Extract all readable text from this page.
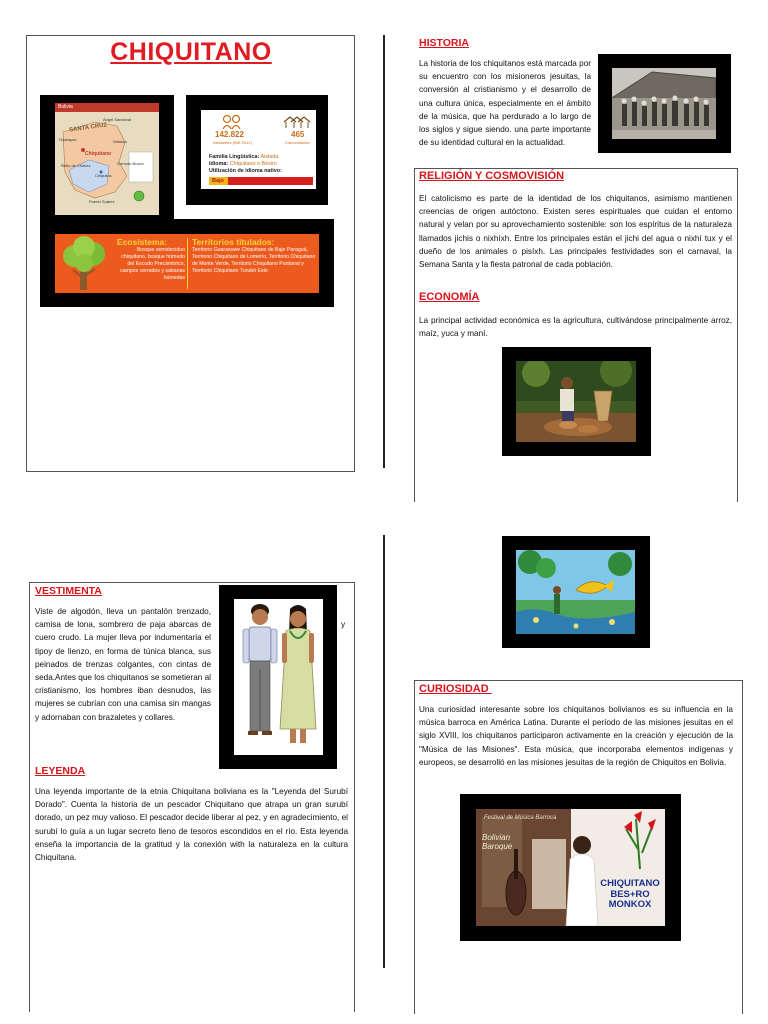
CHIQUITANO
Bolivia
SANTA CRUZ
Chiquitano
Ángel Sandoval
Chiquitos
Germán Busch
Guarayos	Velasco
Ñuflo de Chávez
Puerto Suárez
142.822
habitantes (INE 2012)
465
Comunidades
Familia Lingüística: Aislada
Idioma: Chiquitano o Bésiro
Utilización de idioma nativo:
Bajo
Ecosistema:
Bosque semideciduo chiquitano, bosque húmedo del Escudo Precámbrico, campos cerrados y sabanas húmedas
Territorios titulados:
Territorio Guarasuwe Chiquitano de Bajo Paraguá, Territorio Chiquitano de Lomerío, Territorio Chiquitano de Monte Verde, Territorio Chiquitano Pantanal y Territorio Chiquitano Turubó Este
HISTORIA

La historia de los chiquitanos está marcada por su encuentro con los misioneros jesuitas, la conversión al cristianismo y el desarrollo de una cultura única, especialmente en el ámbito de la música, que ha perdurado a lo largo de los siglos y sigue siendo. una parte importante de su identidad cultural en la actualidad.

RELIGIÓN Y COSMOVISIÓN

El catolicismo es parte de la identidad de los chiquitanos, asimismo mantienen creencias de origen autóctono. Existen seres espirituales que cuidan el entorno natural y velan por su aprovechamiento sostenible: son los espíritus de la naturaleza llamados jichis o nixhíxh. Entre los principales están el jichi del agua o nixhí tux y el dueño de los animales o pisíxh. Las principales festividades son el carnaval, la Semana Santa y la fiesta patronal de cada población.

ECONOMÍA

La principal actividad económica es la agricultura, cultivándose principalmente arroz, maíz, yuca y maní.

VESTIMENTA

Viste de algodón, lleva un pantalón trenzado, camisa de lona, sombrero de paja abarcas de cuero crudo. La mujer lleva por indumentaria el tipoy de lienzo, en forma de túnica blanca, sus peinados de trenzas colgantes, con cintas de seda.Antes que los chiquitanos se sometieran al cristianismo, los hombres iban desnudos, las mujeres se cubrían con una camisa sin mangas y adornaban con brazaletes y collares.

y
LEYENDA

Una leyenda importante de la etnia Chiquitana boliviana es la "Leyenda del Surubí Dorado". Cuenta la historia de un pescador Chiquitano que atrapa un gran surubí dorado, un pez muy valioso. El pescador decide liberar al pez, y en agradecimiento, el surubí lo guía a un lugar secreto lleno de tesoros escondidos en el río. Esta leyenda enseña la importancia de la gratitud y la conexión with la naturaleza en la cultura Chiquitana.

CURIOSIDAD

Una curiosidad interesante sobre los chiquitanos bolivianos es su influencia en la música barroca en América Latina. Durante el período de las misiones jesuitas en el siglo XVIII, los chiquitanos participaron activamente en la creación y ejecución de la "Música de las Misiones". Esta música, que incorporaba elementos indígenas y europeos, se desarrolló en las misiones jesuitas de la región de Chiquitos en Bolivia.

Festival de Música Barroca
Bolivian Baroque
CHIQUITANO
BES+RO
MONKOX
